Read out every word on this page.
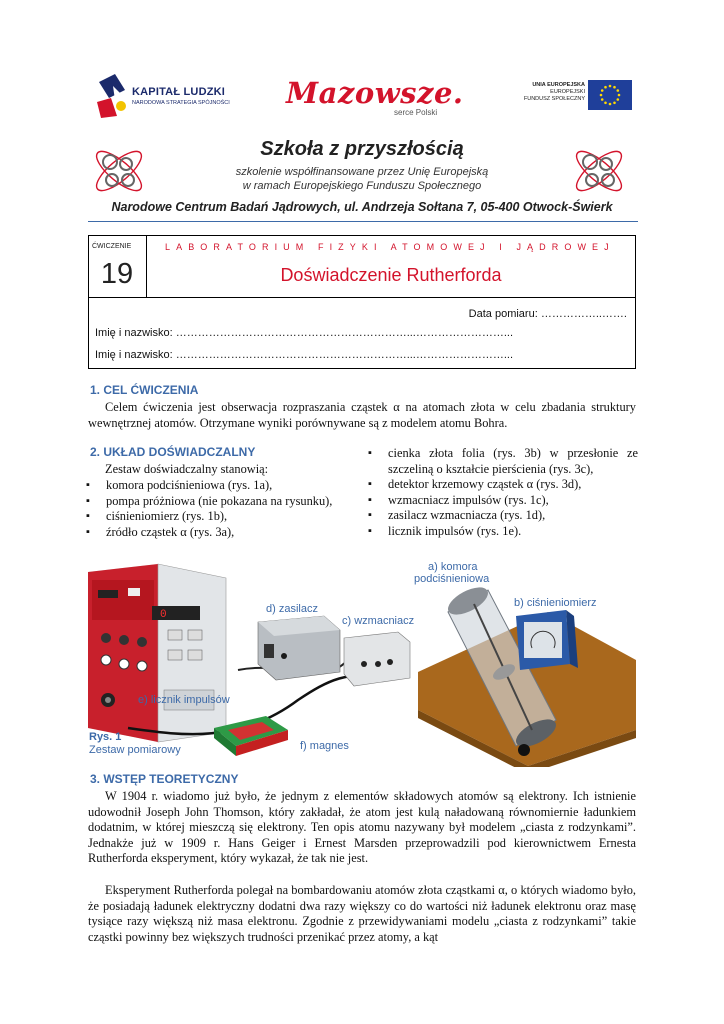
KAPITAŁ LUDZKI
NARODOWA STRATEGIA SPÓJNOŚCI Mazowsze.
serce Polski
UNIA EUROPEJSKA
EUROPEJSKI
FUNDUSZ SPOŁECZNY
Szkoła z przyszłością
szkolenie współfinansowane przez Unię Europejską
w ramach Europejskiego Funduszu Społecznego
Narodowe Centrum Badań Jądrowych, ul. Andrzeja Sołtana 7, 05-400 Otwock-Świerk
ĆWICZENIE
19
LABORATORIUM FIZYKI ATOMOWEJ I JĄDROWEJ
Doświadczenie Rutherforda
Data pomiaru: ……………..…….
Imię i nazwisko: ………………………………………………………...……………………...
Imię i nazwisko: ………………………………………………………...……………………...
1. CEL ĆWICZENIA
Celem ćwiczenia jest obserwacja rozpraszania cząstek α na atomach złota w celu zbadania struktury wewnętrznej atomów. Otrzymane wyniki porównywane są z modelem atomu Bohra.
2. UKŁAD DOŚWIADCZALNY
Zestaw doświadczalny stanowią:
▪ komora podciśnieniowa (rys. 1a),
▪ pompa próżniowa (nie pokazana na rysunku),
▪ ciśnieniomierz (rys. 1b),
▪ źródło cząstek α (rys. 3a),
▪ cienka złota folia (rys. 3b) w przesłonie ze szczeliną o kształcie pierścienia (rys. 3c),
▪ detektor krzemowy cząstek α (rys. 3d),
▪ wzmacniacz impulsów (rys. 1c),
▪ zasilacz wzmacniacza (rys. 1d),
▪ licznik impulsów (rys. 1e).
0
a) komora
podciśnieniowa
b) ciśnieniomierz
c) wzmacniacz
d) zasilacz
e) licznik impulsów
f) magnes
Rys. 1
Zestaw pomiarowy
3. WSTĘP TEORETYCZNY
W 1904 r. wiadomo już było, że jednym z elementów składowych atomów są elektrony. Ich istnienie udowodnił Joseph John Thomson, który zakładał, że atom jest kulą naładowaną równomiernie ładunkiem dodatnim, w której mieszczą się elektrony. Ten opis atomu nazywany był modelem „ciasta z rodzynkami”. Jednakże już w 1909 r. Hans Geiger i Ernest Marsden przeprowadzili pod kierownictwem Ernesta Rutherforda eksperyment, który wykazał, że tak nie jest.
Eksperyment Rutherforda polegał na bombardowaniu atomów złota cząstkami α, o których wiadomo było, że posiadają ładunek elektryczny dodatni dwa razy większy co do wartości niż ładunek elektronu oraz masę tysiące razy większą niż masa elektronu. Zgodnie z przewidywaniami modelu „ciasta z rodzynkami” takie cząstki powinny bez większych trudności przenikać przez atomy, a kąt
